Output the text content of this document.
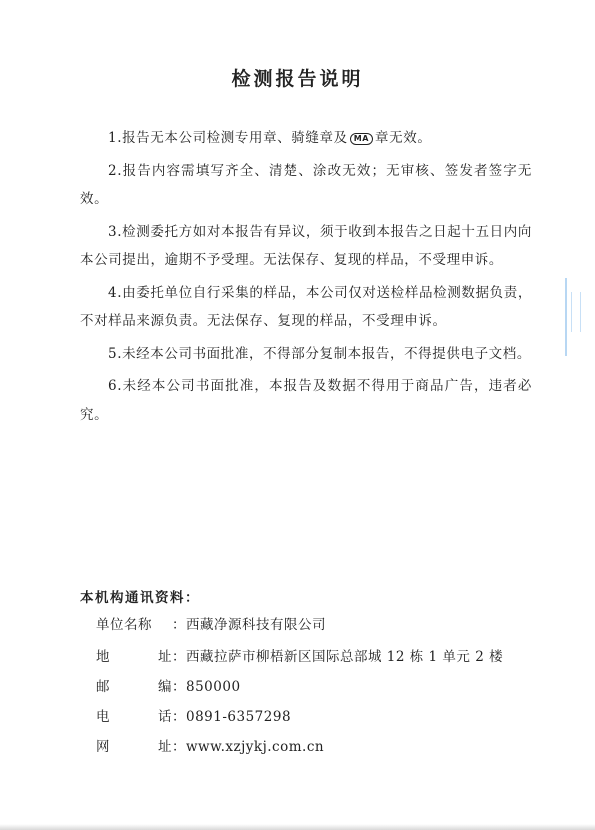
检测报告说明
1.报告无本公司检测专用章、骑缝章及 MA 章无效。
2.报告内容需填写齐全、清楚、涂改无效；无审核、签发者签字无效。
3.检测委托方如对本报告有异议，须于收到本报告之日起十五日内向本公司提出，逾期不予受理。无法保存、复现的样品，不受理申诉。
4.由委托单位自行采集的样品，本公司仅对送检样品检测数据负责，不对样品来源负责。无法保存、复现的样品，不受理申诉。
5.未经本公司书面批准，不得部分复制本报告，不得提供电子文档。
6.未经本公司书面批准，本报告及数据不得用于商品广告，违者必究。
本机构通讯资料：
单位名称 ：西藏净源科技有限公司
地	址 ：西藏拉萨市柳梧新区国际总部城 12 栋 1 单元 2 楼
邮	编 ：850000
电	话 ：0891-6357298
网	址 ：www.xzjykj.com.cn
